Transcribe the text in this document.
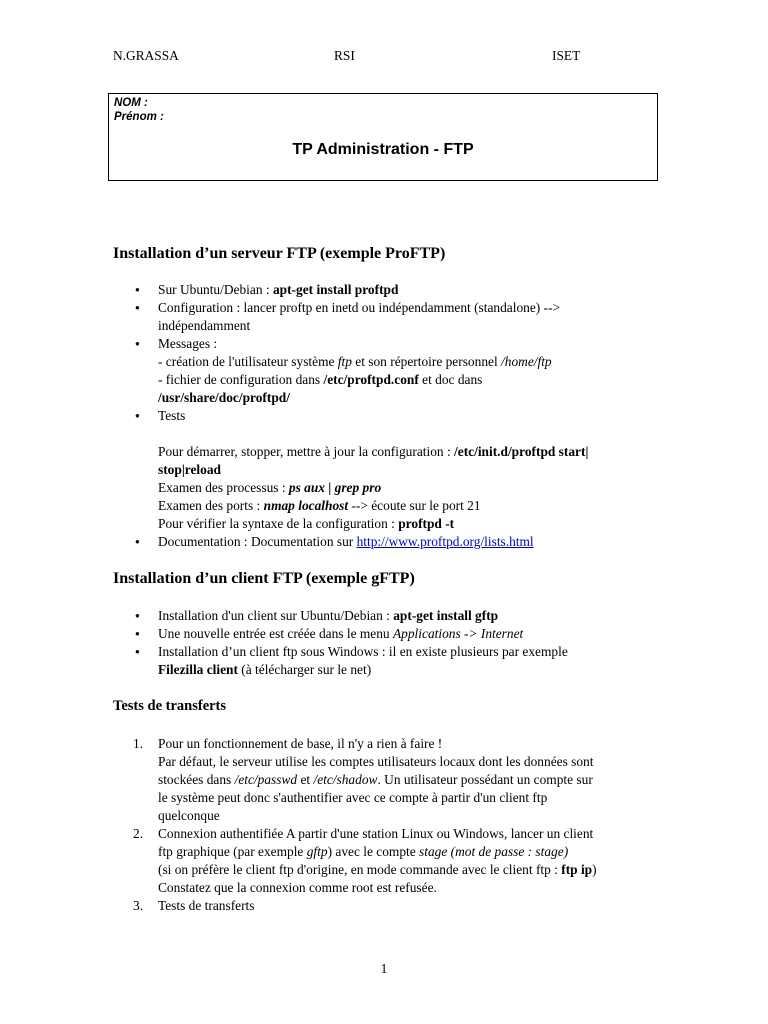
N.GRASSA	RSI	ISET
NOM :
Prénom :
TP Administration - FTP
Installation d’un serveur FTP (exemple ProFTP)
● Sur Ubuntu/Debian : apt-get install proftpd
● Configuration : lancer proftp en inetd ou indépendamment (standalone) -->
indépendamment
● Messages :
- création de l'utilisateur système ftp et son répertoire personnel /home/ftp
- fichier de configuration dans /etc/proftpd.conf et doc dans
/usr/share/doc/proftpd/
● Tests
Pour démarrer, stopper, mettre à jour la configuration : /etc/init.d/proftpd start|
stop|reload
Examen des processus : ps aux | grep pro
Examen des ports : nmap localhost --> écoute sur le port 21
Pour vérifier la syntaxe de la configuration : proftpd -t
● Documentation : Documentation sur http://www.proftpd.org/lists.html
Installation d’un client FTP (exemple gFTP)
● Installation d'un client sur Ubuntu/Debian : apt-get install gftp
● Une nouvelle entrée est créée dans le menu Applications -> Internet
● Installation d’un client ftp sous Windows : il en existe plusieurs par exemple
Filezilla client (à télécharger sur le net)
Tests de transferts
1. Pour un fonctionnement de base, il n'y a rien à faire !
Par défaut, le serveur utilise les comptes utilisateurs locaux dont les données sont
stockées dans /etc/passwd et /etc/shadow. Un utilisateur possédant un compte sur
le système peut donc s'authentifier avec ce compte à partir d'un client ftp
quelconque
2. Connexion authentifiée A partir d'une station Linux ou Windows, lancer un client
ftp graphique (par exemple gftp) avec le compte stage (mot de passe : stage)
(si on préfère le client ftp d'origine, en mode commande avec le client ftp : ftp ip)
Constatez que la connexion comme root est refusée.
3. Tests de transferts
1
